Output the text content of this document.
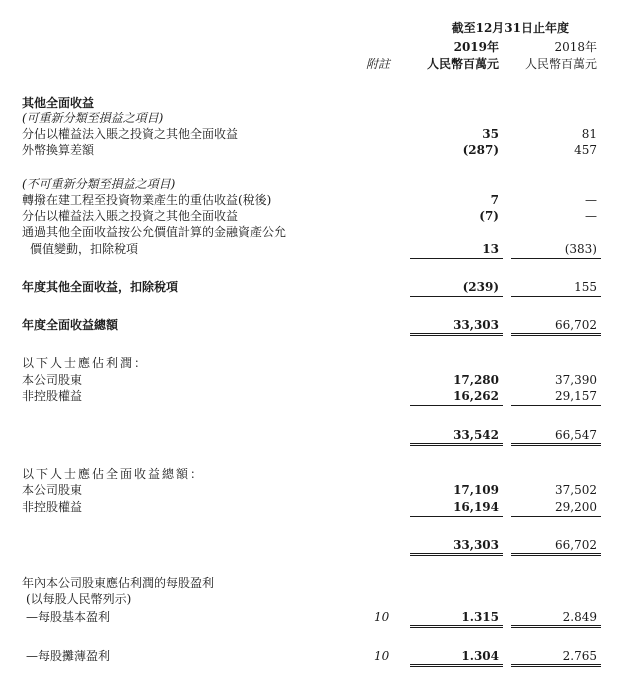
截至12月31日止年度
2019年	2018年
附註	人民幣百萬元 人民幣百萬元
其他全面收益
(可重新分類至損益之項目)
分佔以權益法入賬之投資之其他全面收益	35	81
外幣換算差額	(287)	457
(不可重新分類至損益之項目)
轉撥在建工程至投資物業產生的重估收益(稅後)	7	—
分佔以權益法入賬之投資之其他全面收益	(7)	—
通過其他全面收益按公允價值計算的金融資產公允
價值變動，扣除稅項	13	(383)
年度其他全面收益，扣除稅項	(239)	155
年度全面收益總額	33,303	66,702
以下人士應佔利潤：
本公司股東	17,280	37,390
非控股權益	16,262	29,157
33,542	66,547
以下人士應佔全面收益總額：
本公司股東	17,109	37,502
非控股權益	16,194	29,200
33,303	66,702
年內本公司股東應佔利潤的每股盈利
(以每股人民幣列示)
—每股基本盈利	10	1.315	2.849
—每股攤薄盈利	10	1.304	2.765
